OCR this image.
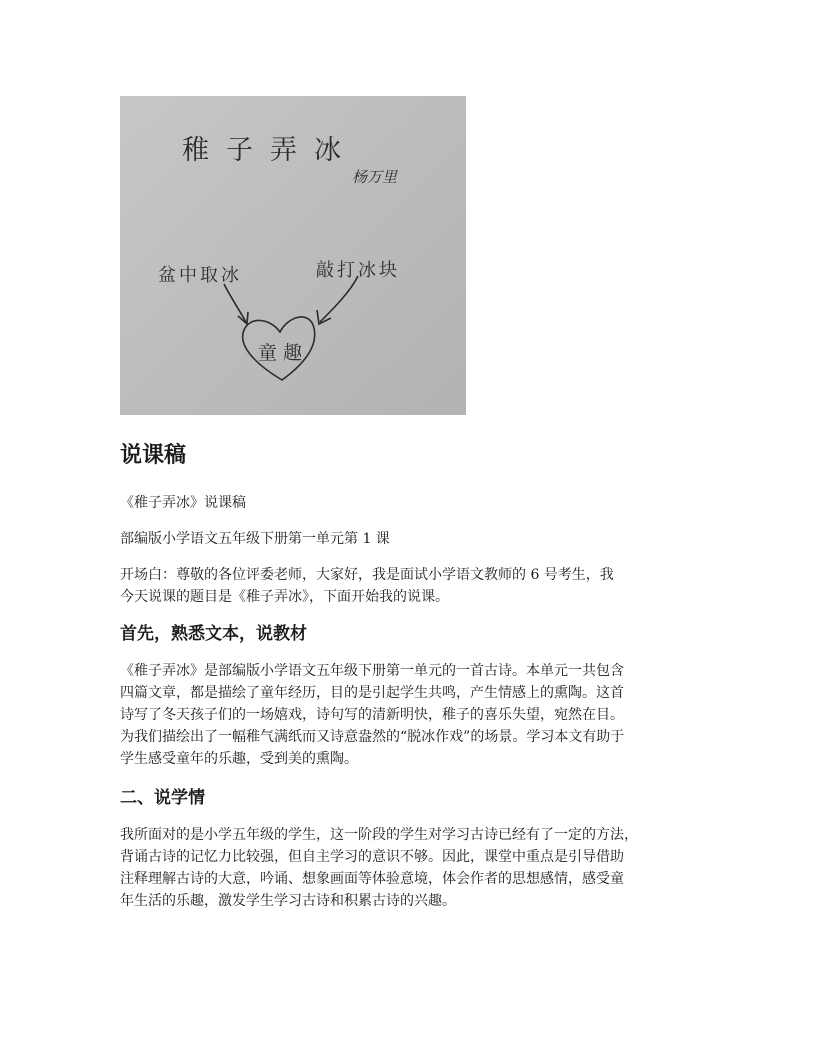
稚子弄冰
杨万里
盆中取冰	敲打冰块
童趣
说课稿

《稚子弄冰》说课稿

部编版小学语文五年级下册第一单元第 1 课

开场白：尊敬的各位评委老师，大家好，我是面试小学语文教师的 6 号考生，我
今天说课的题目是《稚子弄冰》，下面开始我的说课。

首先，熟悉文本，说教材

《稚子弄冰》是部编版小学语文五年级下册第一单元的一首古诗。本单元一共包含
四篇文章，都是描绘了童年经历，目的是引起学生共鸣，产生情感上的熏陶。这首
诗写了冬天孩子们的一场嬉戏，诗句写的清新明快，稚子的喜乐失望，宛然在目。
为我们描绘出了一幅稚气满纸而又诗意盎然的“脱冰作戏”的场景。学习本文有助于
学生感受童年的乐趣，受到美的熏陶。

二、说学情

我所面对的是小学五年级的学生，这一阶段的学生对学习古诗已经有了一定的方法，
背诵古诗的记忆力比较强，但自主学习的意识不够。因此，课堂中重点是引导借助
注释理解古诗的大意，吟诵、想象画面等体验意境，体会作者的思想感情，感受童
年生活的乐趣，激发学生学习古诗和积累古诗的兴趣。
